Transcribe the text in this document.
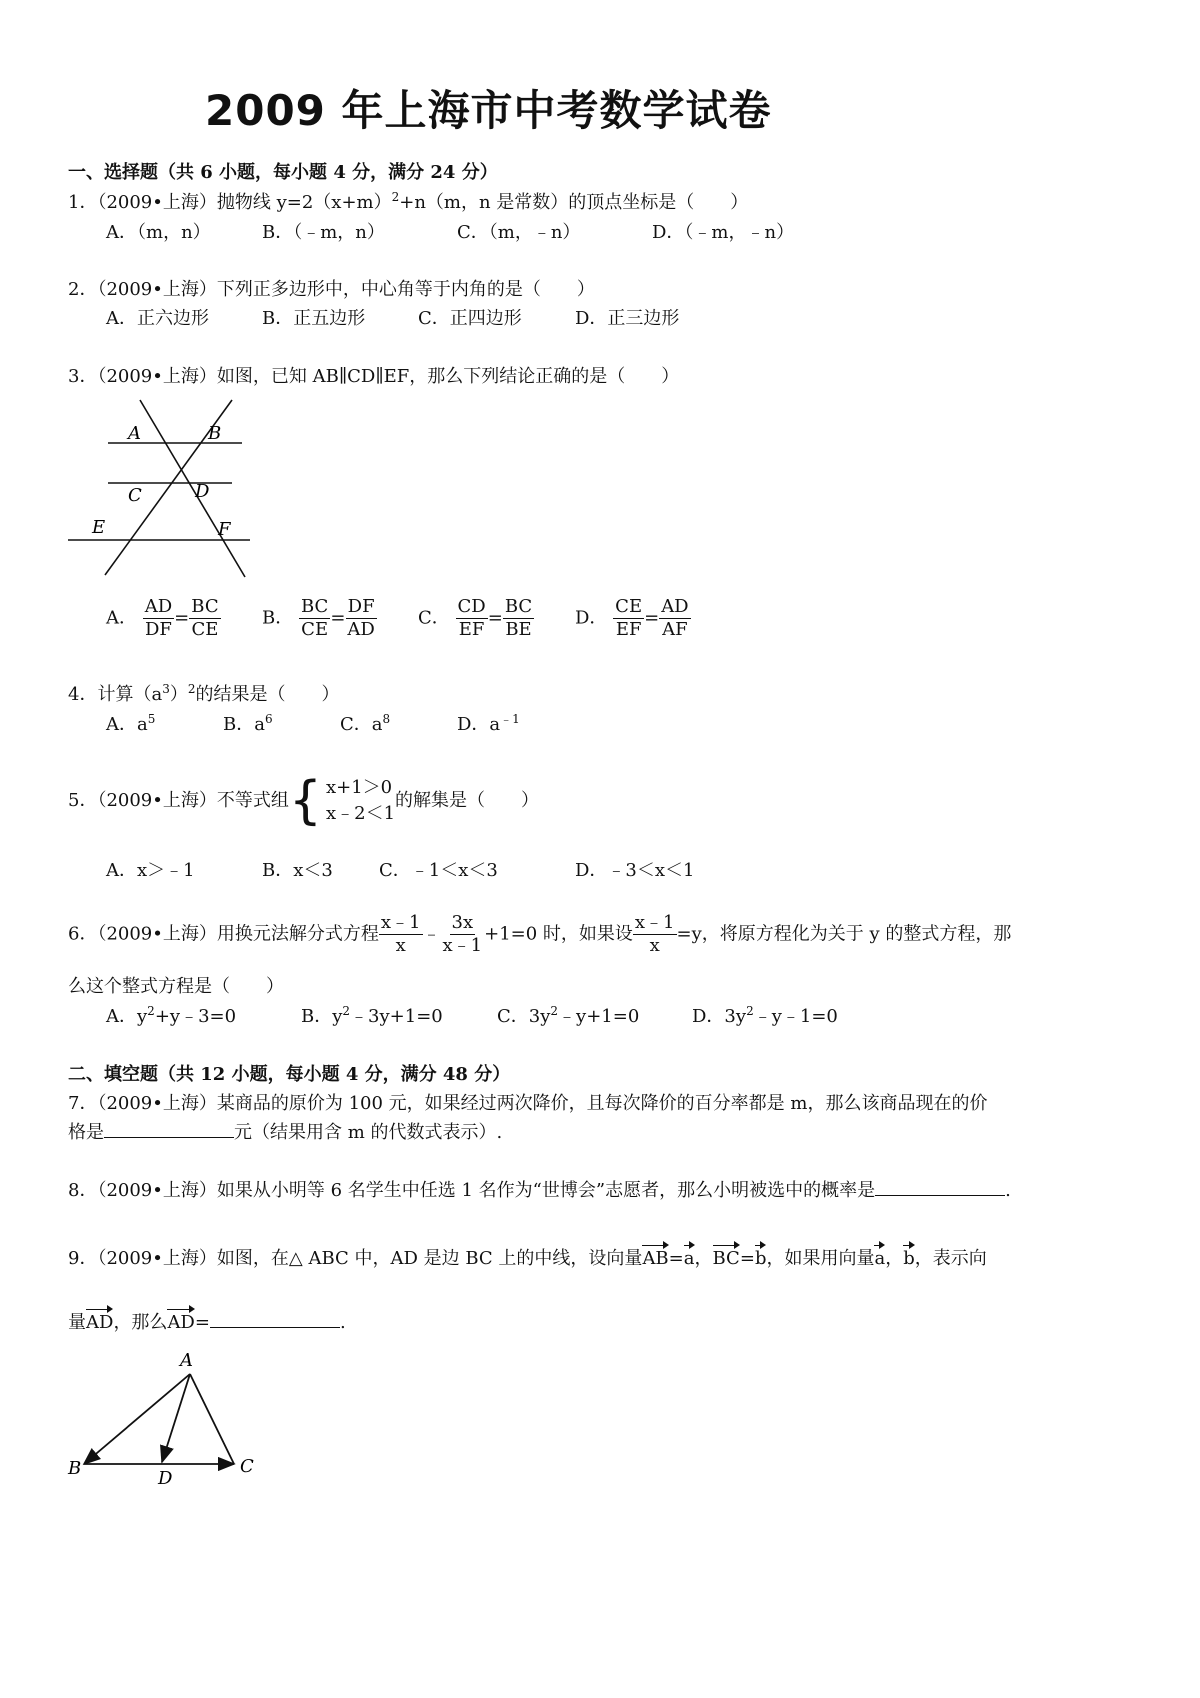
2009 年上海市中考数学试卷
一、选择题（共 6 小题，每小题 4 分，满分 24 分）
1．（2009•上海）抛物线 $y=2(x+m)^2+n(m$，n 是常数）的顶点坐标是（　　）
A．（m，n）	B．（﹣m，n）	C．（m，﹣n）	D．（﹣m，﹣n）
2．（2009•上海）下列正多边形中，中心角等于内角的是（　　）
A．正六边形	B．正五边形	C．正四边形	D．正三边形
3．（2009•上海）如图，已知 AB∥CD∥EF，那么下列结论正确的是（　　）
A	B
C	D
E	F
A． $\frac{AD}{DF} = \frac{BC}{CE}$ B． $\frac{BC}{CE} = \frac{DF}{AD}$ C． $\frac{CD}{EF} = \frac{BC}{BE}$ D． $\frac{CE}{EF} = \frac{AD}{AF}$
4．计算$(a^3)^2$的结果是（　　）
A．$a^5$	B．$a^6$	C．$a^8$	D．$a^{﹣1}$
5．（2009•上海）不等式组 { x+1＞0
x﹣2＜1
的解集是（　　）
A．x＞﹣1	B．x＜3	C．﹣1＜x＜3	D．﹣3＜x＜1
6．（2009•上海）用换元法解分式方程 $\frac{x﹣1}{x}$ ﹣ $\frac{3x}{x﹣1} +1=0$ 时，如果设 $\frac{x﹣1}{x} =y$，将原方程化为关于 y 的整式方程，那
么这个整式方程是（　　）
A．$y^2+y﹣3=0$	B．$y^2﹣3y+1=0$	C．$3y^2﹣y+1=0$	D．$3y^2﹣y﹣1=0$
二、填空题（共 12 小题，每小题 4 分，满分 48 分）
7．（2009•上海）某商品的原价为 100 元，如果经过两次降价，且每次降价的百分率都是 m，那么该商品现在的价
格是	元（结果用含 m 的代数式表示）.
8．（2009•上海）如果从小明等 6 名学生中任选 1 名作为“世博会”志愿者，那么小明被选中的概率是	.
9．（2009•上海）如图，在△ ABC 中，AD 是边 BC 上的中线，设向量AB=a，BC=b，如果用向量a，b，表示向
量AD，那么AD=	.
A
B	D
C
